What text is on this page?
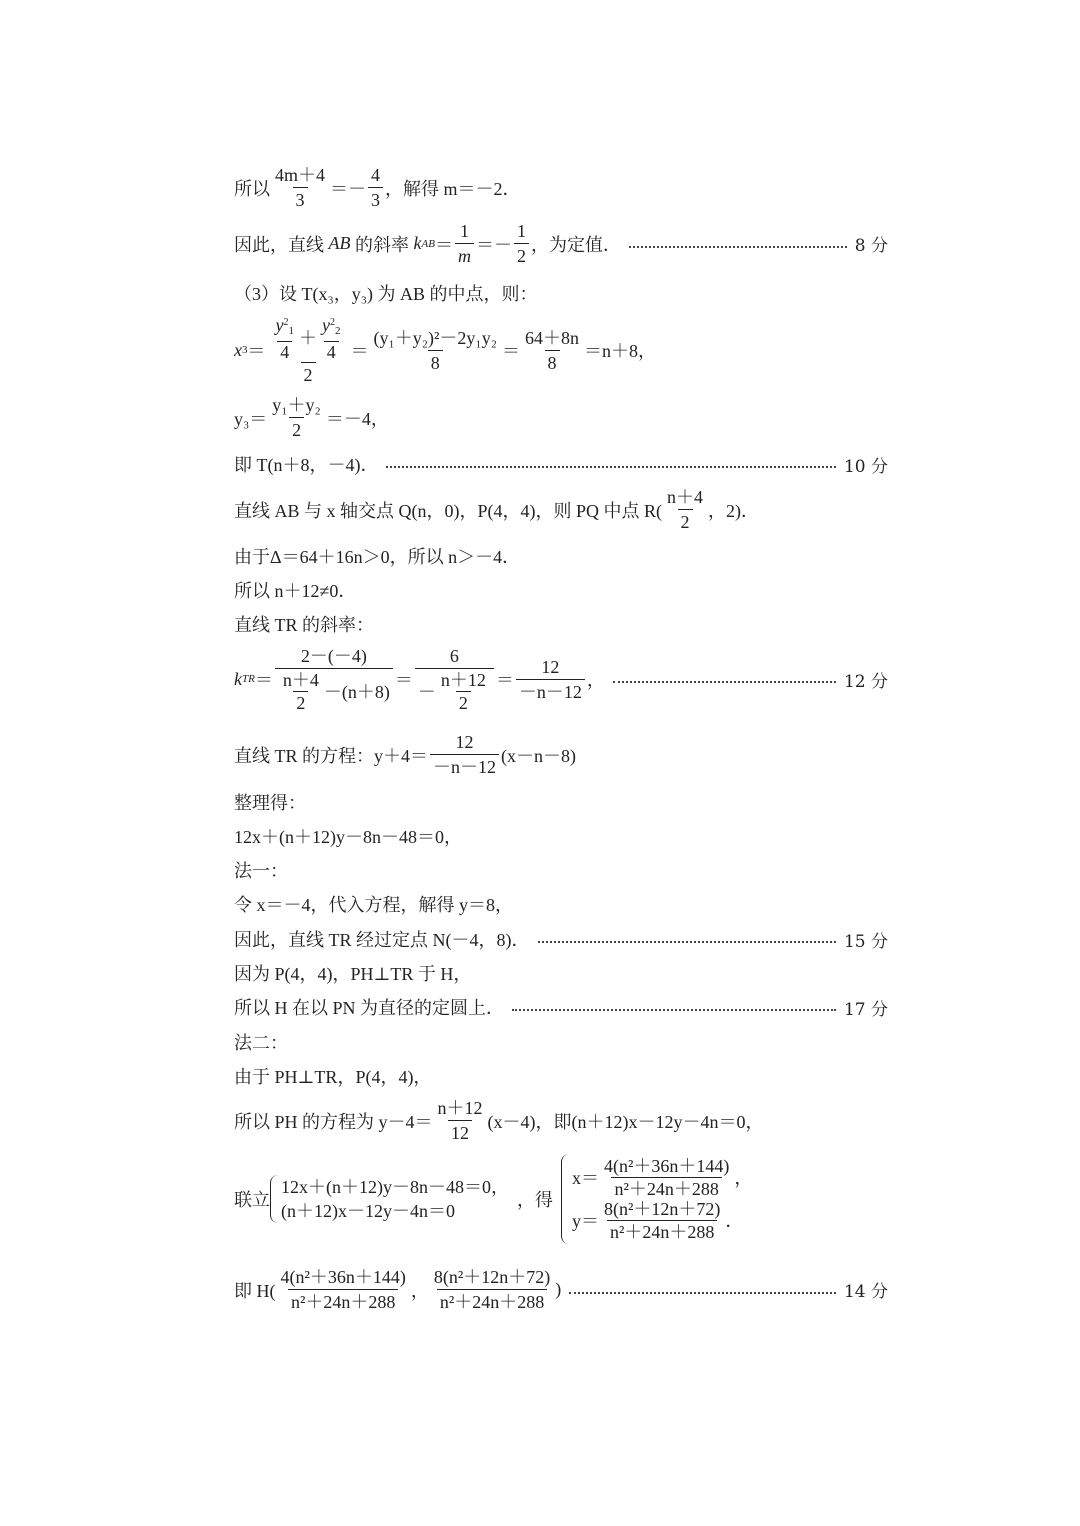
所以 $\frac{4m+4}{3} =- \frac{4}{3}$ ，解得 m＝－2．
因此，直线
AB
的斜率
k AB ＝ $\frac{1}{m} =- \frac{1}{2}$ ，为定值．	8 分
（3）设 T(x₃，y₃) 为 AB 的中点，则：
x $3 = \frac{\frac{y^2_1}{4} + \frac{y^2_2}{4}}{2} = \frac{\text{(y₁＋y₂)²－2y₁y₂}}{8} = \frac{64+8n}{8} =n+8$，
$y_3= \frac{\text{y₁＋y₂}}{2} =-4$，
即 T(n＋8，－4)．	10 分
直线 AB 与 x 轴交点 Q(n，0)，P(4，4)，则 PQ 中点 $R( \frac{n+4}{2}$ ，2)．
由于Δ＝64＋16n＞0，所以 n＞－4．
所以 n＋12≠0．
直线 TR 的斜率：
k TR ＝ $\frac{2-(-4)}{\frac{n+4}{2} -(n+8)} = \frac{6}{- \frac{n+12}{2}} = \frac{12}{-n-12}$ ，	12 分
直线 TR 的方程：$y+4= \frac{12}{-n-12} (x-n-8)$
整理得：
12x＋(n＋12)y－8n－48＝0，
法一：
令 x＝－4，代入方程，解得 y＝8，
因此，直线 TR 经过定点 N(－4，8)．	15 分
因为 P(4，4)，PH⊥TR 于 H，
所以 H 在以 PN 为直径的定圆上．	17 分
法二：
由于 PH⊥TR，P(4，4)，
所以 PH 的方程为 $y-4= \frac{n+12}{12} (x-4)$，即(n＋12)x－12y－4n＝0，
联立
12x＋(n＋12)y－8n－48＝0，
(n＋12)x－12y－4n＝0
，得
$x= \frac{\text{4(n²＋36n＋144)}}{\text{n²＋24n＋288}}$ ，
$y= \frac{\text{8(n²＋12n＋72)}}{\text{n²＋24n＋288}}$ ．
即 $H( \frac{\text{4(n²＋36n＋144)}}{\text{n²＋24n＋288}}$ ， $\frac{\text{8(n²＋12n＋72)}}{\text{n²＋24n＋288}}$ )	14 分
